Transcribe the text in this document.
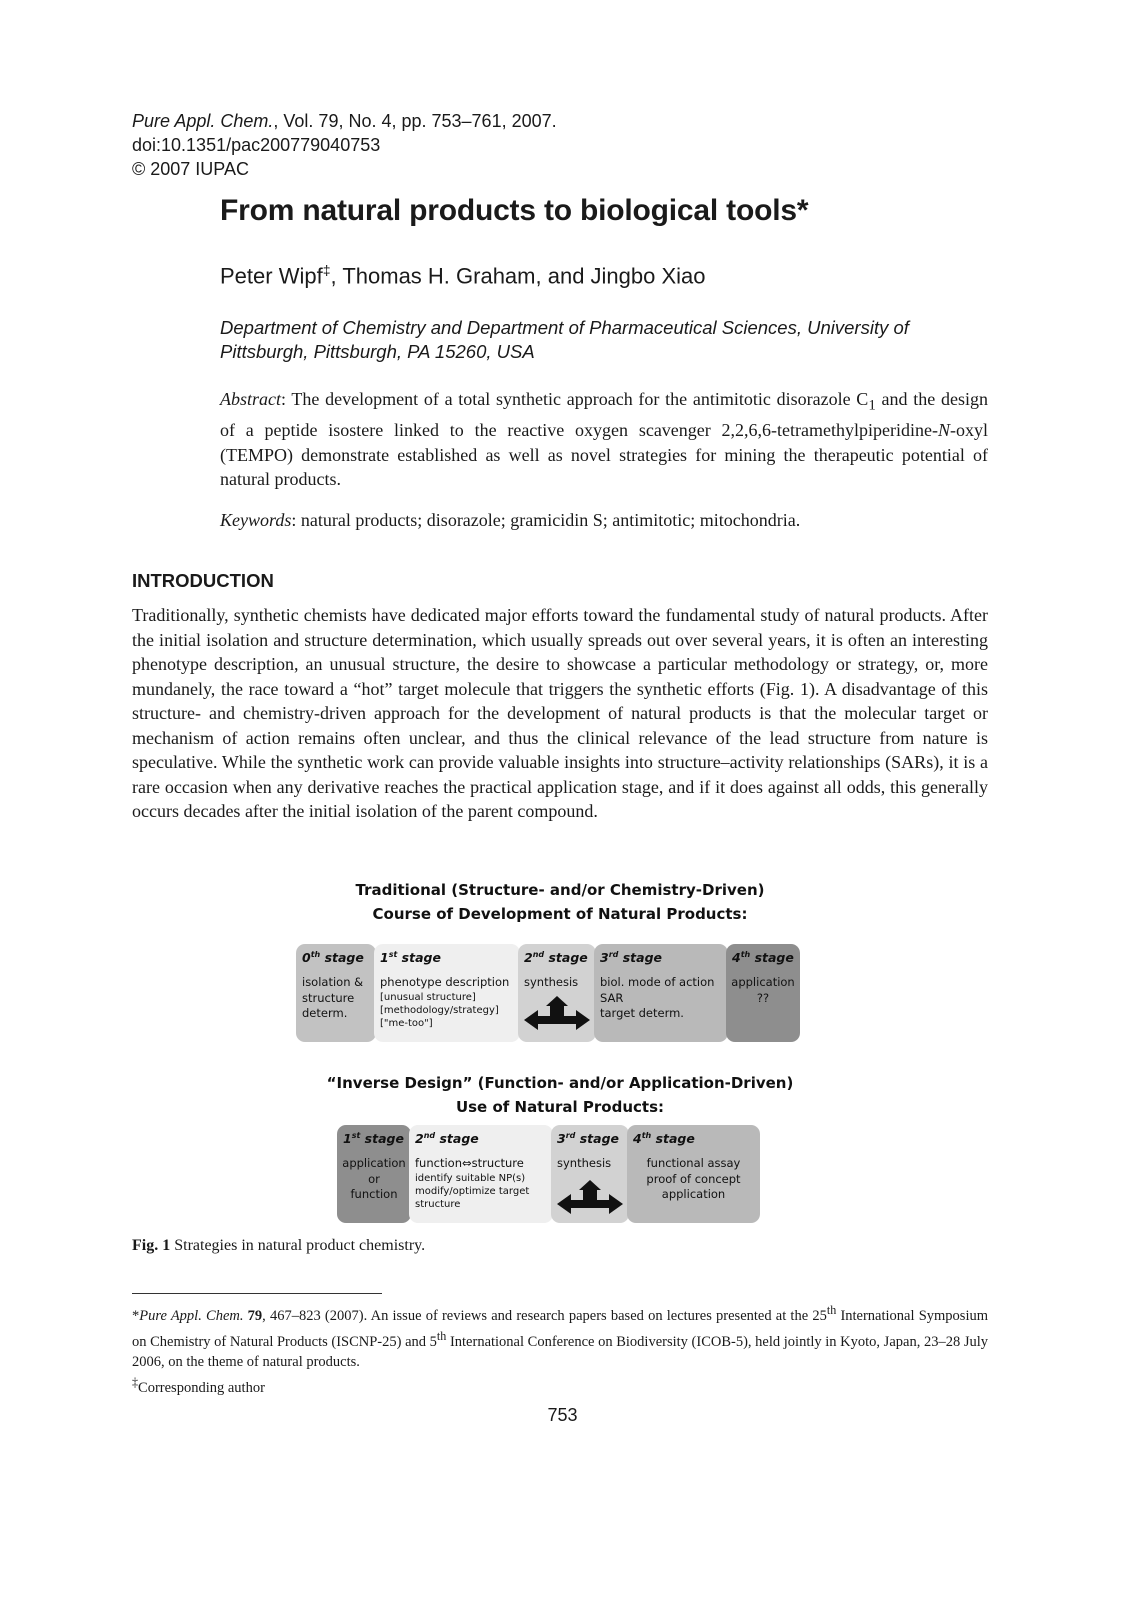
Pure Appl. Chem., Vol. 79, No. 4, pp. 753–761, 2007.
doi:10.1351/pac200779040753
© 2007 IUPAC
From natural products to biological tools*
Peter Wipf‡, Thomas H. Graham, and Jingbo Xiao
Department of Chemistry and Department of Pharmaceutical Sciences, University of Pittsburgh, Pittsburgh, PA 15260, USA
Abstract: The development of a total synthetic approach for the antimitotic disorazole $C_1$ and the design of a peptide isostere linked to the reactive oxygen scavenger 2,2,6,6-tetramethylpiperidine-N-oxyl (TEMPO) demonstrate established as well as novel strategies for mining the therapeutic potential of natural products.
Keywords: natural products; disorazole; gramicidin S; antimitotic; mitochondria.
INTRODUCTION
Traditionally, synthetic chemists have dedicated major efforts toward the fundamental study of natural products. After the initial isolation and structure determination, which usually spreads out over several years, it is often an interesting phenotype description, an unusual structure, the desire to showcase a particular methodology or strategy, or, more mundanely, the race toward a “hot” target molecule that triggers the synthetic efforts (Fig. 1). A disadvantage of this structure- and chemistry-driven approach for the development of natural products is that the molecular target or mechanism of action remains often unclear, and thus the clinical relevance of the lead structure from nature is speculative. While the synthetic work can provide valuable insights into structure–activity relationships (SARs), it is a rare occasion when any derivative reaches the practical application stage, and if it does against all odds, this generally occurs decades after the initial isolation of the parent compound.
Traditional (Structure- and/or Chemistry-Driven)
Course of Development of Natural Products:
0th stage
isolation &
structure
determ.
1st stage
phenotype description
[unusual structure]
[methodology/strategy]
["me-too"]
2nd stage
synthesis
3rd stage
biol. mode of action
SAR
target determ.
4th stage
application
??
“Inverse Design” (Function- and/or Application-Driven)
Use of Natural Products:
1st stage
application
or
function
2nd stage
function⇔structure
identify suitable NP(s)
modify/optimize target
structure
3rd stage
synthesis
4th stage
functional assay
proof of concept
application
Fig. 1 Strategies in natural product chemistry.
*Pure Appl. Chem. 79, 467–823 (2007). An issue of reviews and research papers based on lectures presented at the 25th International Symposium on Chemistry of Natural Products (ISCNP-25) and 5th International Conference on Biodiversity (ICOB-5), held jointly in Kyoto, Japan, 23–28 July 2006, on the theme of natural products.
‡Corresponding author
753
